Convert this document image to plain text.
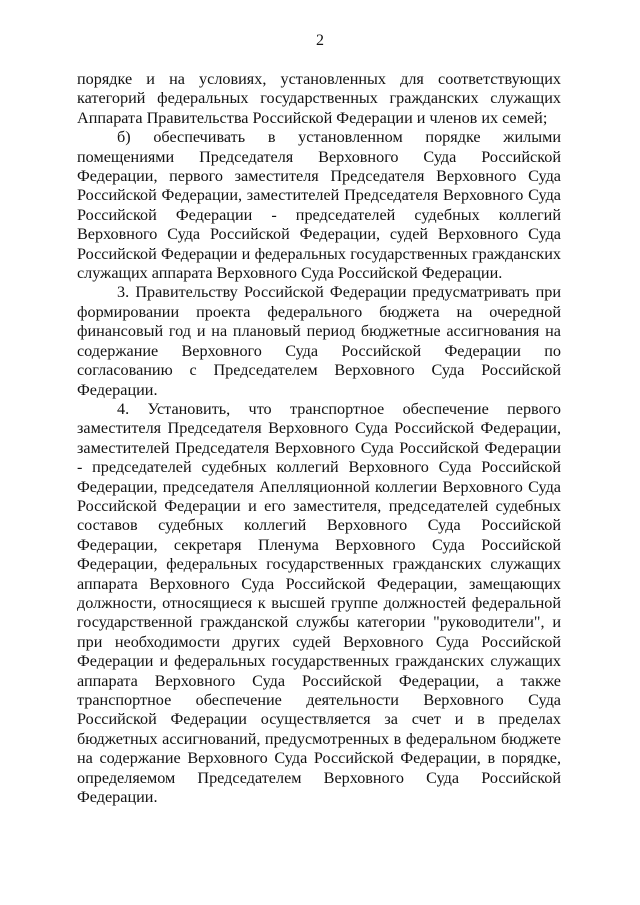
2

порядке и на условиях, установленных для соответствующих категорий федеральных государственных гражданских служащих Аппарата Правительства Российской Федерации и членов их семей;

б) обеспечивать в установленном порядке жилыми помещениями Председателя Верховного Суда Российской Федерации, первого заместителя Председателя Верховного Суда Российской Федерации, заместителей Председателя Верховного Суда Российской Федерации - председателей судебных коллегий Верховного Суда Российской Федерации, судей Верховного Суда Российской Федерации и федеральных государственных гражданских служащих аппарата Верховного Суда Российской Федерации.

3. Правительству Российской Федерации предусматривать при формировании проекта федерального бюджета на очередной финансовый год и на плановый период бюджетные ассигнования на содержание Верховного Суда Российской Федерации по согласованию с Председателем Верховного Суда Российской Федерации.

4. Установить, что транспортное обеспечение первого заместителя Председателя Верховного Суда Российской Федерации, заместителей Председателя Верховного Суда Российской Федерации - председателей судебных коллегий Верховного Суда Российской Федерации, председателя Апелляционной коллегии Верховного Суда Российской Федерации и его заместителя, председателей судебных составов судебных коллегий Верховного Суда Российской Федерации, секретаря Пленума Верховного Суда Российской Федерации, федеральных государственных гражданских служащих аппарата Верховного Суда Российской Федерации, замещающих должности, относящиеся к высшей группе должностей федеральной государственной гражданской службы категории "руководители", и при необходимости других судей Верховного Суда Российской Федерации и федеральных государственных гражданских служащих аппарата Верховного Суда Российской Федерации, а также транспортное обеспечение деятельности Верховного Суда Российской Федерации осуществляется за счет и в пределах бюджетных ассигнований, предусмотренных в федеральном бюджете на содержание Верховного Суда Российской Федерации, в порядке, определяемом Председателем Верховного Суда Российской Федерации.
